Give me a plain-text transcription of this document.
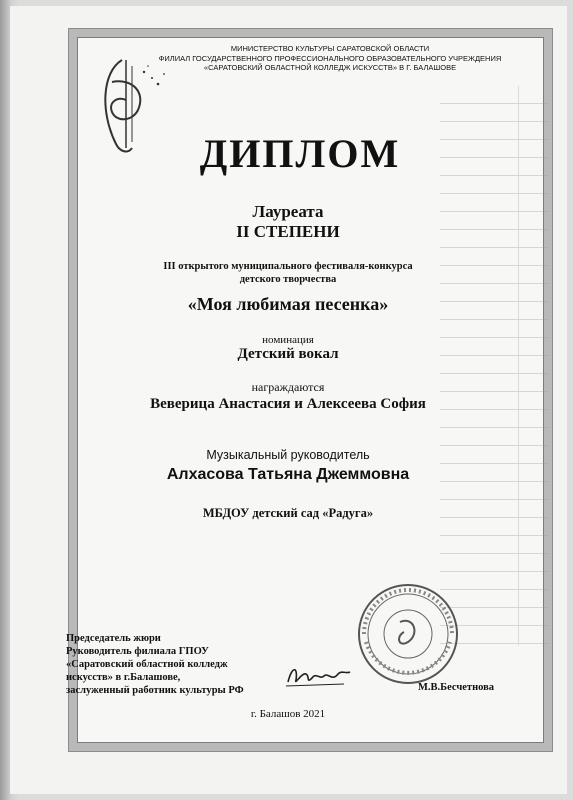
МИНИСТЕРСТВО КУЛЬТУРЫ САРАТОВСКОЙ ОБЛАСТИ
ФИЛИАЛ ГОСУДАРСТВЕННОГО ПРОФЕССИОНАЛЬНОГО ОБРАЗОВАТЕЛЬНОГО УЧРЕЖДЕНИЯ
«САРАТОВСКИЙ ОБЛАСТНОЙ КОЛЛЕДЖ ИСКУССТВ» В Г. БАЛАШОВЕ
ДИПЛОМ
Лауреата
II СТЕПЕНИ
III открытого муниципального фестиваля-конкурса
детского творчества
«Моя любимая песенка»
номинация
Детский вокал
награждаются
Веверица Анастасия и Алексеева София
Музыкальный руководитель
Алхасова Татьяна Джеммовна
МБДОУ детский сад «Радуга»
Председатель жюри
Руководитель филиала ГПОУ
«Саратовский областной колледж
искусств» в г.Балашове,
заслуженный работник культуры РФ	М.В.Бесчетнова
г. Балашов 2021
